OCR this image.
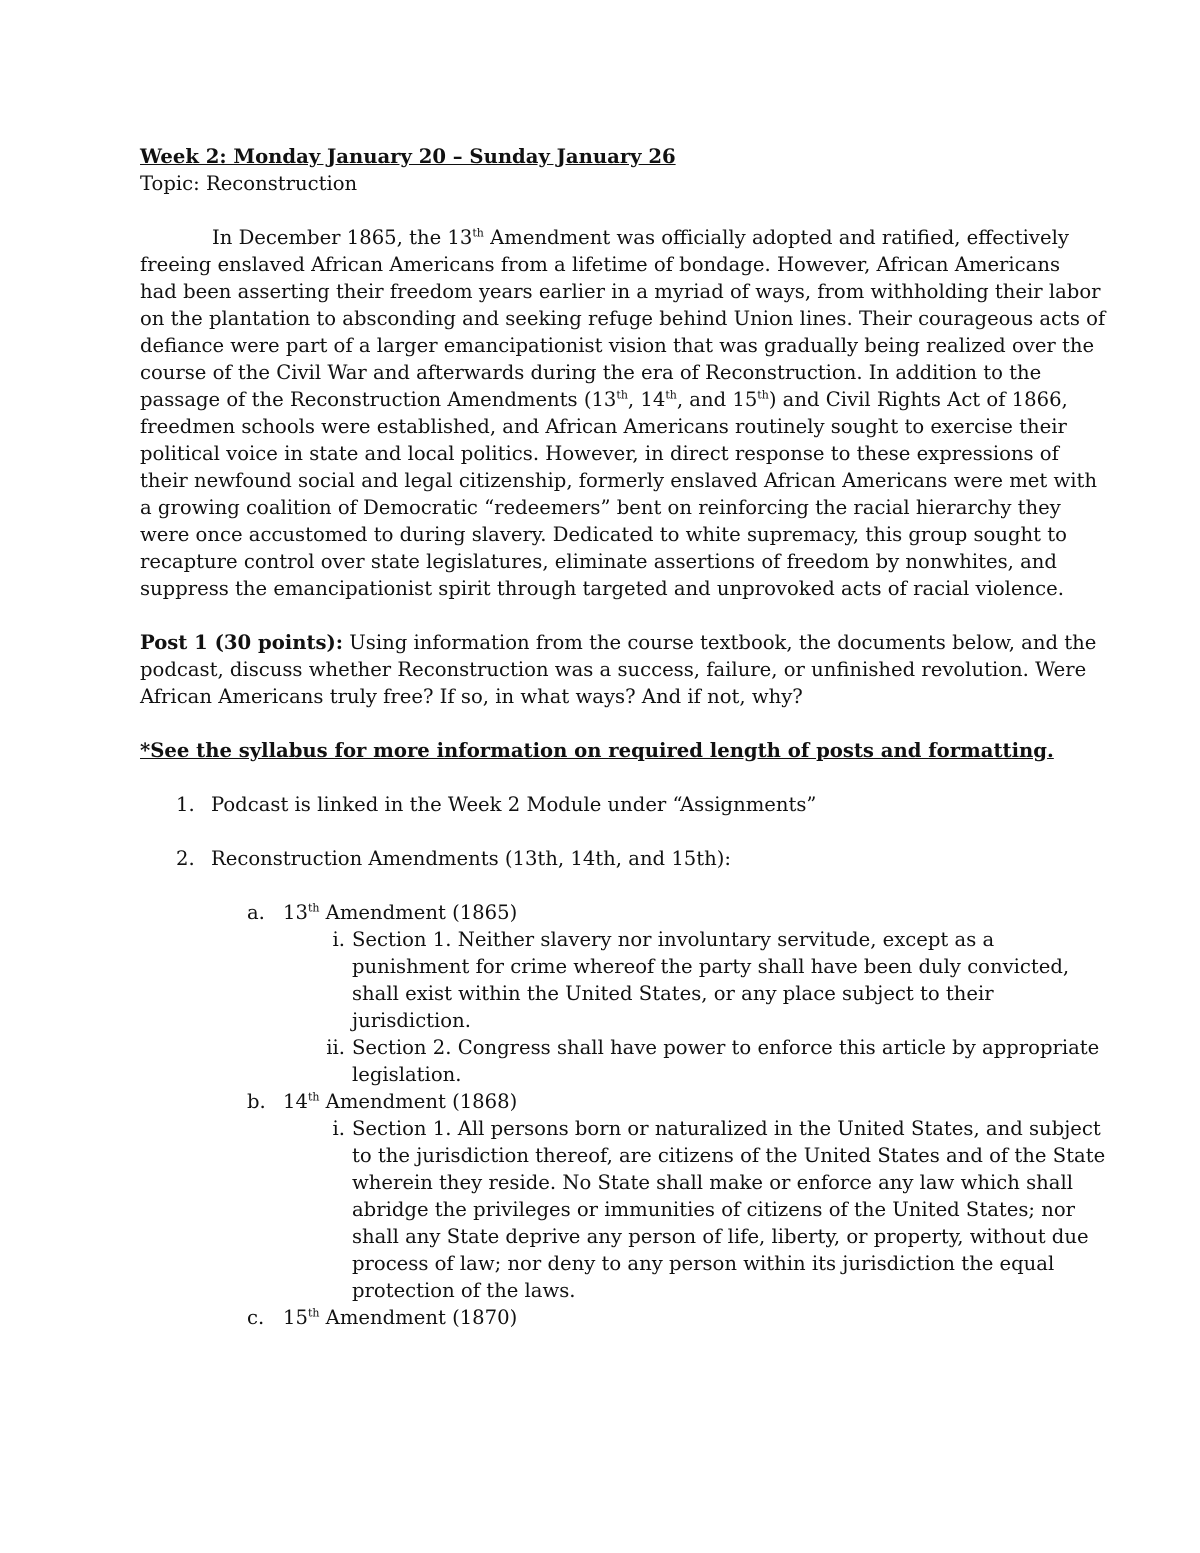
Week 2: Monday January 20 – Sunday January 26
Topic: Reconstruction
In December 1865, the 13th Amendment was officially adopted and ratified, effectively
freeing enslaved African Americans from a lifetime of bondage. However, African Americans
had been asserting their freedom years earlier in a myriad of ways, from withholding their labor
on the plantation to absconding and seeking refuge behind Union lines. Their courageous acts of
defiance were part of a larger emancipationist vision that was gradually being realized over the
course of the Civil War and afterwards during the era of Reconstruction. In addition to the
passage of the Reconstruction Amendments (13th, 14th, and 15th) and Civil Rights Act of 1866,
freedmen schools were established, and African Americans routinely sought to exercise their
political voice in state and local politics. However, in direct response to these expressions of
their newfound social and legal citizenship, formerly enslaved African Americans were met with
a growing coalition of Democratic “redeemers” bent on reinforcing the racial hierarchy they
were once accustomed to during slavery. Dedicated to white supremacy, this group sought to
recapture control over state legislatures, eliminate assertions of freedom by nonwhites, and
suppress the emancipationist spirit through targeted and unprovoked acts of racial violence.
Post 1 (30 points): Using information from the course textbook, the documents below, and the
podcast, discuss whether Reconstruction was a success, failure, or unfinished revolution. Were
African Americans truly free? If so, in what ways? And if not, why?
*See the syllabus for more information on required length of posts and formatting.
1. Podcast is linked in the Week 2 Module under “Assignments”
2. Reconstruction Amendments (13th, 14th, and 15th):
a. 13th Amendment (1865)
i. Section 1. Neither slavery nor involuntary servitude, except as a
punishment for crime whereof the party shall have been duly convicted,
shall exist within the United States, or any place subject to their
jurisdiction.
ii. Section 2. Congress shall have power to enforce this article by appropriate
legislation.
b. 14th Amendment (1868)
i. Section 1. All persons born or naturalized in the United States, and subject
to the jurisdiction thereof, are citizens of the United States and of the State
wherein they reside. No State shall make or enforce any law which shall
abridge the privileges or immunities of citizens of the United States; nor
shall any State deprive any person of life, liberty, or property, without due
process of law; nor deny to any person within its jurisdiction the equal
protection of the laws.
c. 15th Amendment (1870)
